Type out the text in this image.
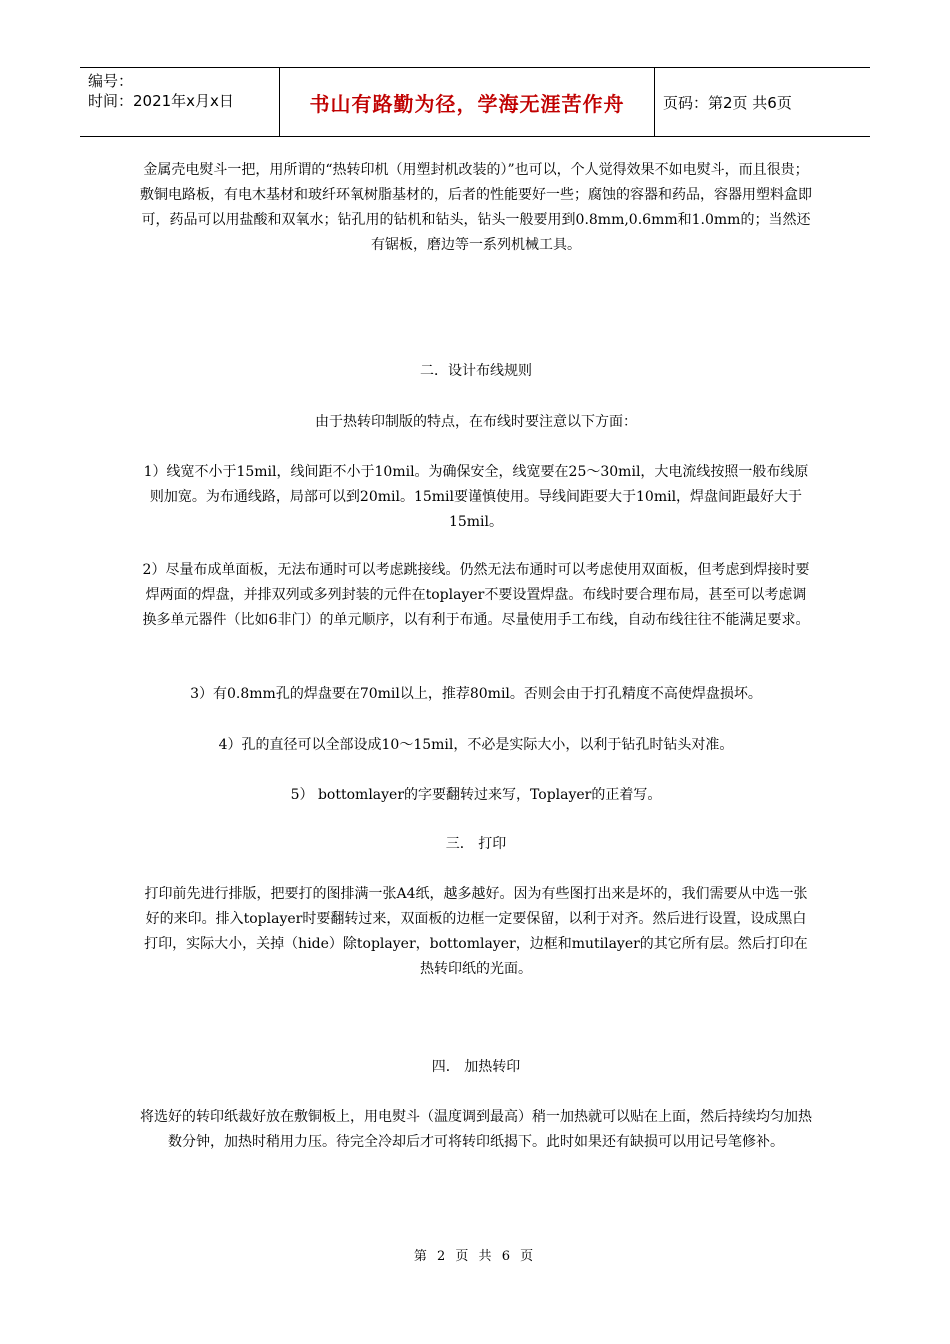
编号：
时间：2021年x月x日	书山有路勤为径，学海无涯苦作舟	页码：第2页 共6页
金属壳电熨斗一把，用所谓的“热转印机（用塑封机改装的）”也可以，个人觉得效果不如电熨斗，而且很贵；敷铜电路板，有电木基材和玻纤环氧树脂基材的，后者的性能要好一些；腐蚀的容器和药品，容器用塑料盒即可，药品可以用盐酸和双氧水；钻孔用的钻机和钻头，钻头一般要用到0.8mm,0.6mm和1.0mm的；当然还有锯板，磨边等一系列机械工具。
二．设计布线规则
由于热转印制版的特点，在布线时要注意以下方面：
1）线宽不小于15mil，线间距不小于10mil。为确保安全，线宽要在25～30mil，大电流线按照一般布线原则加宽。为布通线路，局部可以到20mil。15mil要谨慎使用。导线间距要大于10mil，焊盘间距最好大于15mil。
2）尽量布成单面板，无法布通时可以考虑跳接线。仍然无法布通时可以考虑使用双面板，但考虑到焊接时要焊两面的焊盘，并排双列或多列封装的元件在toplayer不要设置焊盘。布线时要合理布局，甚至可以考虑调换多单元器件（比如6非门）的单元顺序，以有利于布通。尽量使用手工布线，自动布线往往不能满足要求。
3）有0.8mm孔的焊盘要在70mil以上，推荐80mil。否则会由于打孔精度不高使焊盘损坏。
4）孔的直径可以全部设成10～15mil，不必是实际大小，以利于钻孔时钻头对准。
5） bottomlayer的字要翻转过来写，Toplayer的正着写。
三． 打印
打印前先进行排版，把要打的图排满一张A4纸，越多越好。因为有些图打出来是坏的，我们需要从中选一张好的来印。排入toplayer时要翻转过来，双面板的边框一定要保留，以利于对齐。然后进行设置，设成黑白打印，实际大小，关掉（hide）除toplayer，bottomlayer，边框和mutilayer的其它所有层。然后打印在热转印纸的光面。
四． 加热转印
将选好的转印纸裁好放在敷铜板上，用电熨斗（温度调到最高）稍一加热就可以贴在上面，然后持续均匀加热数分钟，加热时稍用力压。待完全冷却后才可将转印纸揭下。此时如果还有缺损可以用记号笔修补。
第 2 页 共 6 页
